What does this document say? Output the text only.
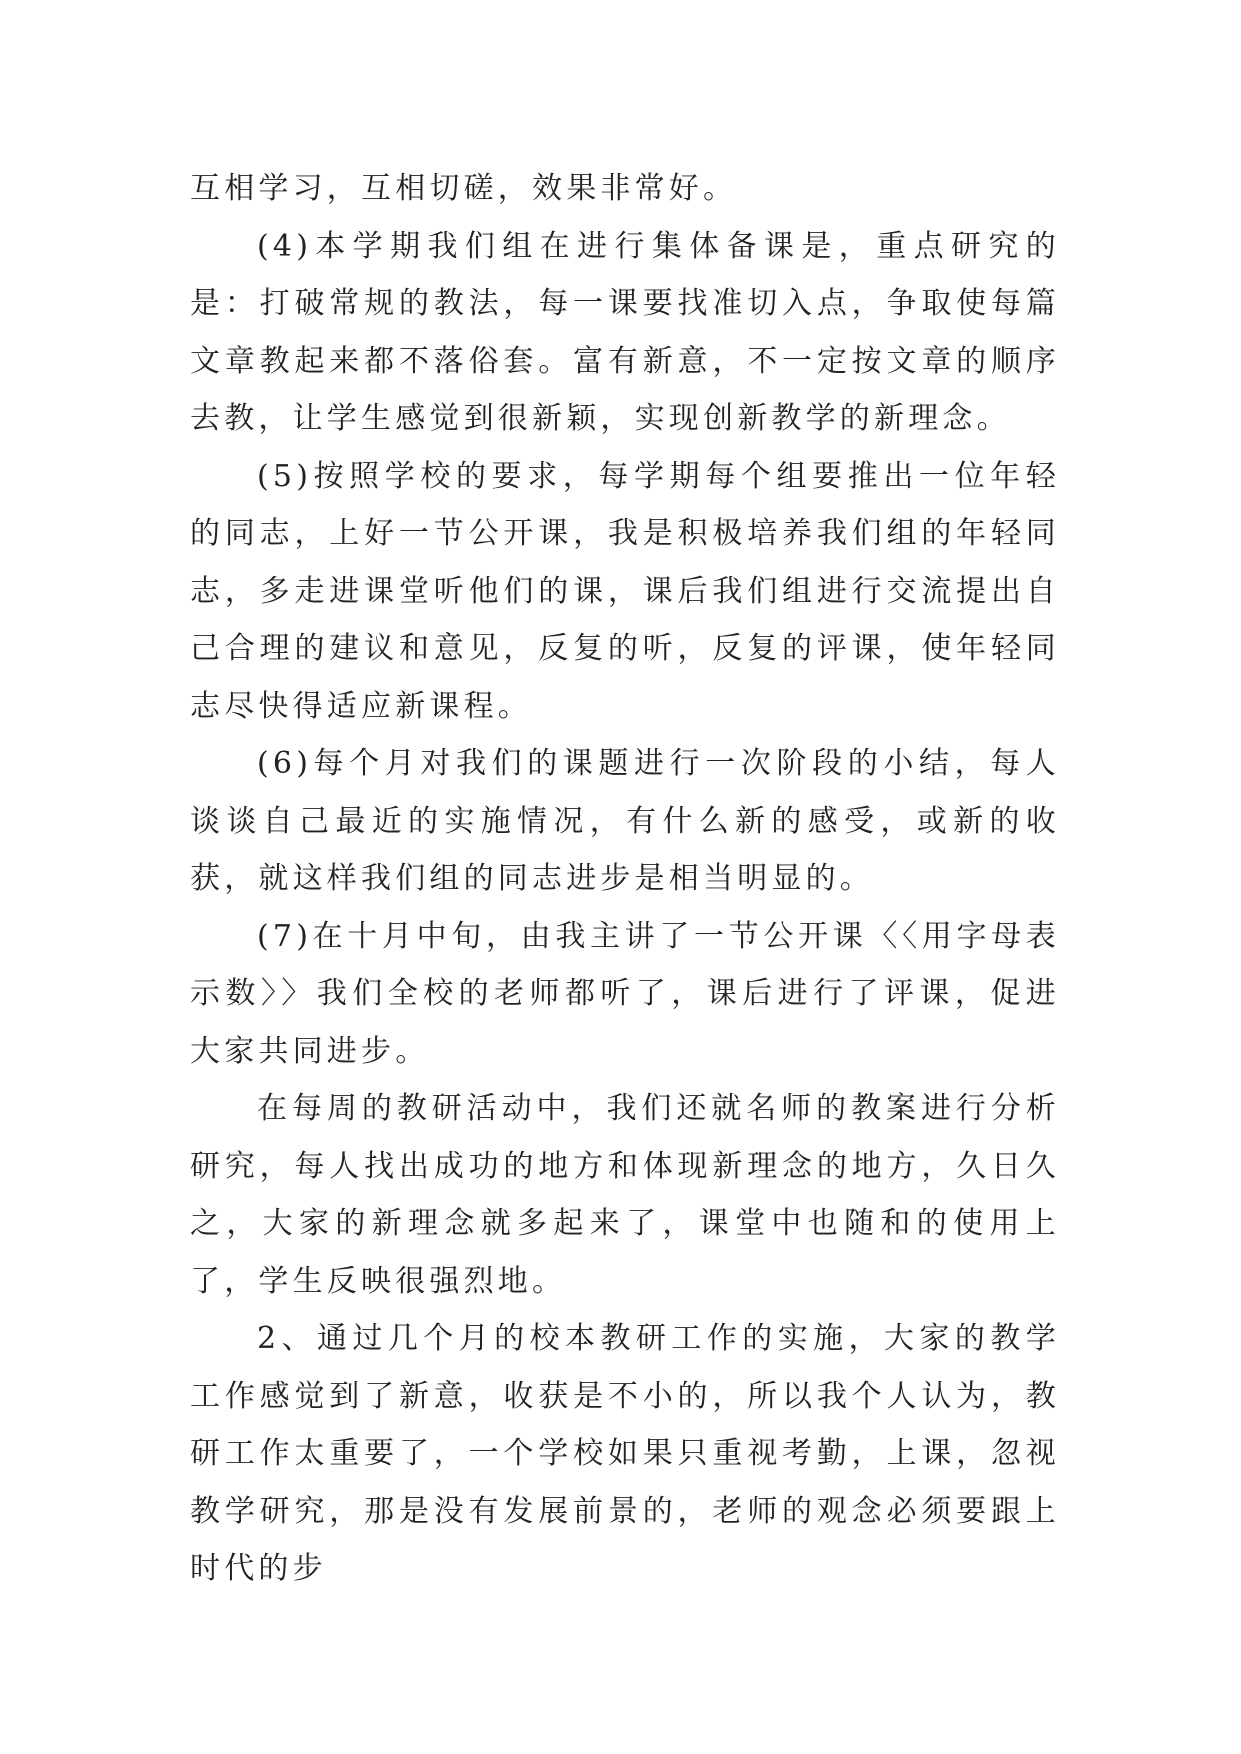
互相学习，互相切磋，效果非常好。

(4)本学期我们组在进行集体备课是，重点研究的是：打破常规的教法，每一课要找准切入点，争取使每篇文章教起来都不落俗套。富有新意，不一定按文章的顺序去教，让学生感觉到很新颖，实现创新教学的新理念。

(5)按照学校的要求，每学期每个组要推出一位年轻的同志，上好一节公开课，我是积极培养我们组的年轻同志，多走进课堂听他们的课，课后我们组进行交流提出自己合理的建议和意见，反复的听，反复的评课，使年轻同志尽快得适应新课程。

(6)每个月对我们的课题进行一次阶段的小结，每人谈谈自己最近的实施情况，有什么新的感受，或新的收获，就这样我们组的同志进步是相当明显的。

(7)在十月中旬，由我主讲了一节公开课〈〈用字母表示数〉〉我们全校的老师都听了，课后进行了评课，促进大家共同进步。

在每周的教研活动中，我们还就名师的教案进行分析研究，每人找出成功的地方和体现新理念的地方，久日久之，大家的新理念就多起来了，课堂中也随和的使用上了，学生反映很强烈地。

2、通过几个月的校本教研工作的实施，大家的教学工作感觉到了新意，收获是不小的，所以我个人认为，教研工作太重要了，一个学校如果只重视考勤，上课，忽视教学研究，那是没有发展前景的，老师的观念必须要跟上时代的步
